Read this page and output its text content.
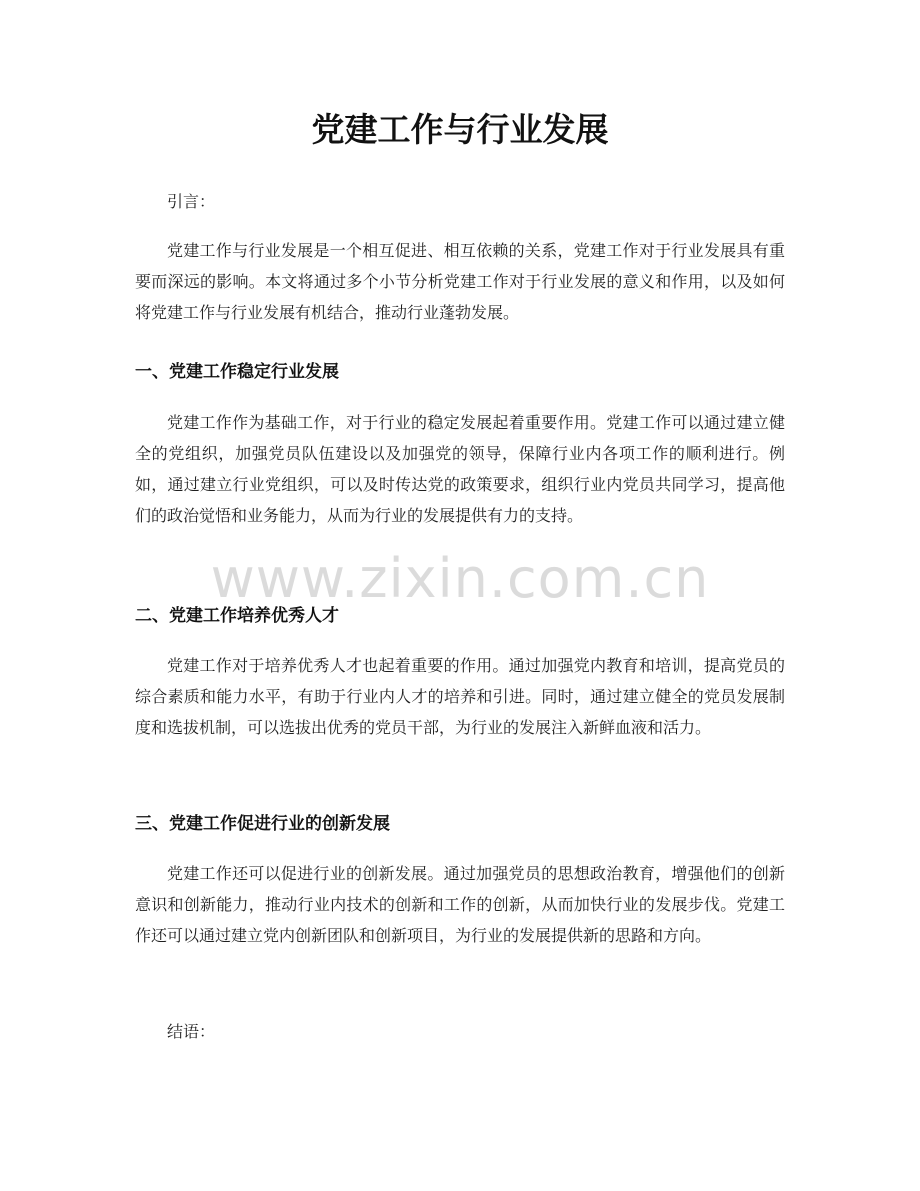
党建工作与行业发展

引言：

党建工作与行业发展是一个相互促进、相互依赖的关系，党建工作对于行业发展具有重要而深远的影响。本文将通过多个小节分析党建工作对于行业发展的意义和作用，以及如何将党建工作与行业发展有机结合，推动行业蓬勃发展。

一、党建工作稳定行业发展

党建工作作为基础工作，对于行业的稳定发展起着重要作用。党建工作可以通过建立健全的党组织，加强党员队伍建设以及加强党的领导，保障行业内各项工作的顺利进行。例如，通过建立行业党组织，可以及时传达党的政策要求，组织行业内党员共同学习，提高他们的政治觉悟和业务能力，从而为行业的发展提供有力的支持。

二、党建工作培养优秀人才

党建工作对于培养优秀人才也起着重要的作用。通过加强党内教育和培训，提高党员的综合素质和能力水平，有助于行业内人才的培养和引进。同时，通过建立健全的党员发展制度和选拔机制，可以选拔出优秀的党员干部，为行业的发展注入新鲜血液和活力。

三、党建工作促进行业的创新发展

党建工作还可以促进行业的创新发展。通过加强党员的思想政治教育，增强他们的创新意识和创新能力，推动行业内技术的创新和工作的创新，从而加快行业的发展步伐。党建工作还可以通过建立党内创新团队和创新项目，为行业的发展提供新的思路和方向。

结语：

www.zixin.com.cn
